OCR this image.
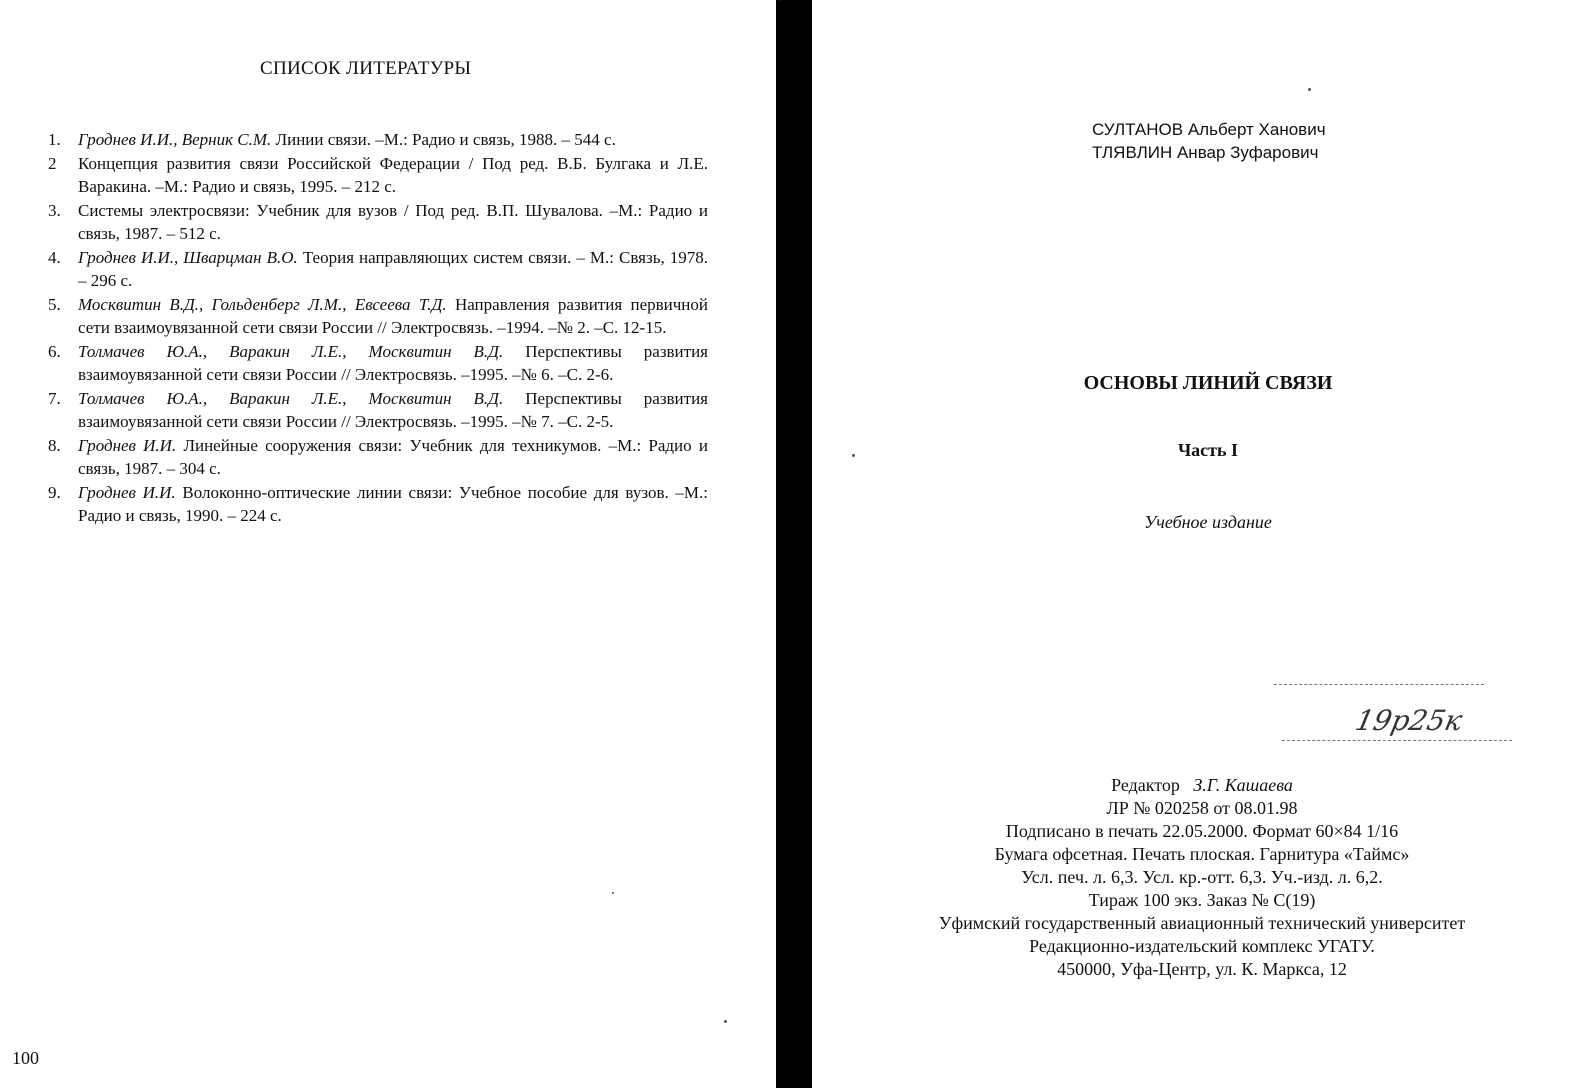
СПИСОК ЛИТЕРАТУРЫ
1.	Гроднев И.И., Верник С.М. Линии связи. –М.: Радио и связь, 1988. – 544 с.
2	Концепция развития связи Российской Федерации / Под ред. В.Б. Булгака и Л.Е. Варакина. –М.: Радио и связь, 1995. – 212 с.
3.	Системы электросвязи: Учебник для вузов / Под ред. В.П. Шувалова. –М.: Радио и связь, 1987. – 512 с.
4.	Гроднев И.И., Шварцман В.О. Теория направляющих систем связи. – М.: Связь, 1978. – 296 с.
5.	Москвитин В.Д., Гольденберг Л.М., Евсеева Т.Д. Направления развития первичной сети взаимоувязанной сети связи России // Электросвязь. –1994. –№ 2. –С. 12-15.
6.	Толмачев Ю.А., Варакин Л.Е., Москвитин В.Д. Перспективы развития взаимоувязанной сети связи России // Электросвязь. –1995. –№ 6. –С. 2-6.
7.	Толмачев Ю.А., Варакин Л.Е., Москвитин В.Д. Перспективы развития взаимоувязанной сети связи России // Электросвязь. –1995. –№ 7. –С. 2-5.
8.	Гроднев И.И. Линейные сооружения связи: Учебник для техникумов. –М.: Радио и связь, 1987. – 304 с.
9.	Гроднев И.И. Волоконно-оптические линии связи: Учебное пособие для вузов. –М.: Радио и связь, 1990. – 224 с.
100
СУЛТАНОВ Альберт Ханович
ТЛЯВЛИН Анвар Зуфарович
ОСНОВЫ ЛИНИЙ СВЯЗИ
Часть I
Учебное издание
19р25к
Редактор З.Г. Кашаева
ЛР № 020258 от 08.01.98
Подписано в печать 22.05.2000. Формат 60×84 1/16
Бумага офсетная. Печать плоская. Гарнитура «Таймс»
Усл. печ. л. 6,3. Усл. кр.-отт. 6,3. Уч.-изд. л. 6,2.
Тираж 100 экз. Заказ № С(19)
Уфимский государственный авиационный технический университет
Редакционно-издательский комплекс УГАТУ.
450000, Уфа-Центр, ул. К. Маркса, 12
